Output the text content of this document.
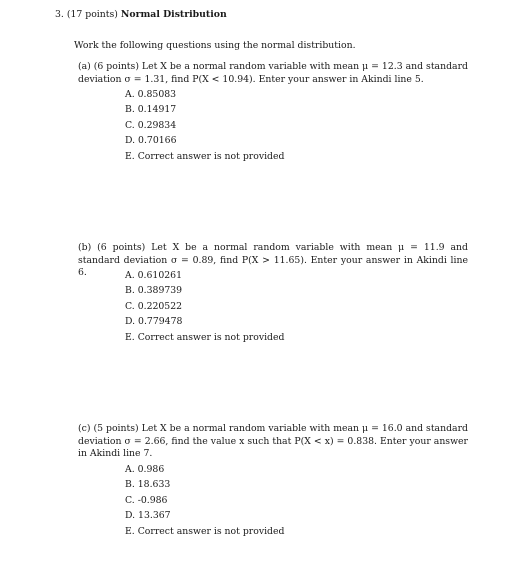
3. (17 points) Normal Distribution
Work the following questions using the normal distribution.
(a) (6 points) Let X be a normal random variable with mean μ = 12.3 and standard deviation σ = 1.31, find P(X < 10.94). Enter your answer in Akindi line 5.
A. 0.85083
B. 0.14917
C. 0.29834
D. 0.70166
E. Correct answer is not provided
(b) (6 points) Let X be a normal random variable with mean μ = 11.9 and standard deviation σ = 0.89, find P(X > 11.65). Enter your answer in Akindi line 6.	A. 0.610261
B. 0.389739
C. 0.220522
D. 0.779478
E. Correct answer is not provided
(c) (5 points) Let X be a normal random variable with mean μ = 16.0 and standard deviation σ = 2.66, find the value x such that P(X < x) = 0.838. Enter your answer in Akindi line 7.
A. 0.986
B. 18.633
C. -0.986
D. 13.367
E. Correct answer is not provided
